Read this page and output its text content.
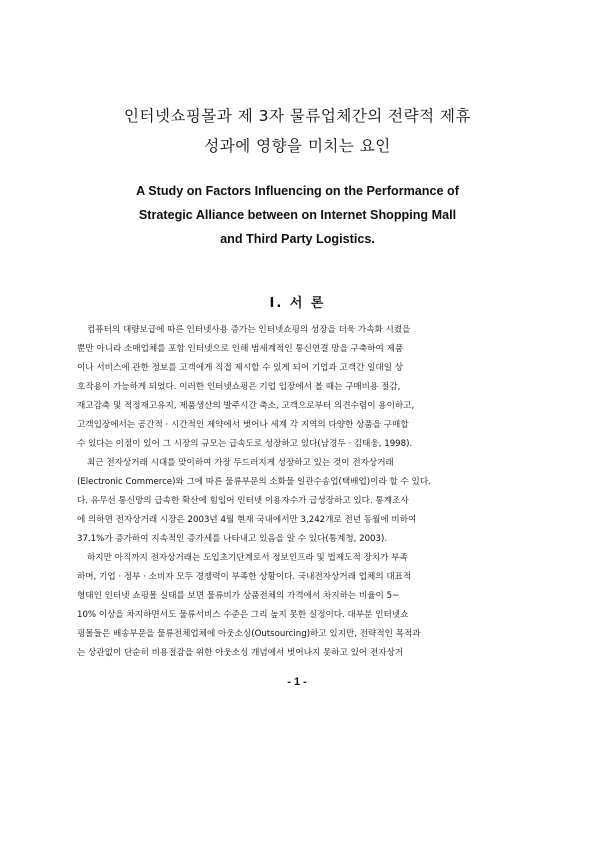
인터넷쇼핑몰과 제 3자 물류업체간의 전략적 제휴
성과에 영향을 미치는 요인
A Study on Factors Influencing on the Performance of
Strategic Alliance between on Internet Shopping Mall
and Third Party Logistics.
Ⅰ. 서 론
컴퓨터의 대량보급에 따른 인터넷사용 증가는 인터넷쇼핑의 성장을 더욱 가속화 시켰을
뿐만 아니라 소매업체를 포함 인터넷으로 인해 범세계적인 통신연결 망을 구축하여 제품
이나 서비스에 관한 정보를 고객에게 직접 제시할 수 있게 되어 기업과 고객간 일대일 상
호작용이 가능하게 되었다. 이러한 인터넷쇼핑은 기업 입장에서 볼 때는 구매비용 절감,
재고감축 및 적정재고유지, 제품생산의 발주시간 축소, 고객으로부터 의견수렴이 용이하고,
고객입장에서는 공간적 · 시간적인 제약에서 벗어나 세계 각 지역의 다양한 상품을 구매할
수 있다는 이점이 있어 그 시장의 규모는 급속도로 성장하고 있다(남경두 · 김태웅, 1998).
최근 전자상거래 시대를 맞이하여 가장 두드러지게 성장하고 있는 것이 전자상거래
(Electronic Commerce)와 그에 따른 물류부문의 소화물 일관수송업(택배업)이라 할 수 있다.
다. 유무선 통신망의 급속한 확산에 힘입어 인터넷 이용자수가 급성장하고 있다. 통계조사
에 의하면 전자상거래 시장은 2003년 4월 현재 국내에서만 3,242개로 전년 동월에 비하여
37.1%가 증가하여 지속적인 증가세를 나타내고 있음을 알 수 있다(통계청, 2003).
하지만 아직까지 전자상거래는 도입초기단계로서 정보인프라 및 법제도적 장치가 부족
하며, 기업 · 정부 · 소비자 모두 경쟁력이 부족한 상황이다. 국내전자상거래 업체의 대표적
형태인 인터넷 쇼핑몰 실태를 보면 물류비가 상품전체의 가격에서 차지하는 비율이 5~
10% 이상을 차지하면서도 물류서비스 수준은 그리 높지 못한 실정이다. 대부분 인터넷쇼
핑몰들은 배송부문을 물류전체업체에 아웃소싱(Outsourcing)하고 있지만, 전략적인 목적과
는 상관없이 단순히 비용절감을 위한 아웃소싱 개념에서 벗어나지 못하고 있어 전자상거
- 1 -
